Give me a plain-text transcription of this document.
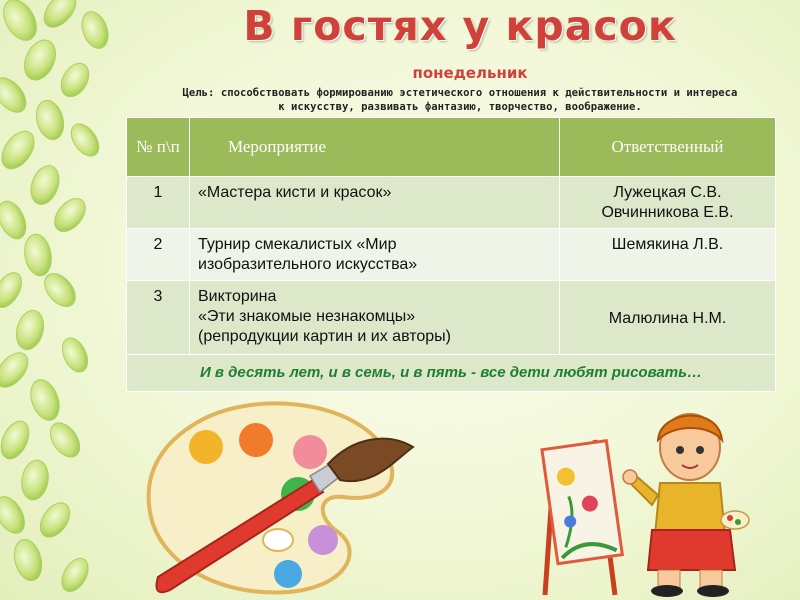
В гостях у красок
понедельник
Цель: способствовать формированию эстетического отношения к действительности и интереса
к искусству, развивать фантазию, творчество, воображение.
№ п\п	Мероприятие	Ответственный
1	«Мастера кисти и красок»	Лужецкая С.В.
Овчинникова Е.В.

2	Турнир смекалистых «Мир
изобразительного искусства»	Шемякина Л.В.

3	Викторина
«Эти знакомые незнакомцы»
(репродукции картин и их авторы)	Малюлина Н.М.

И в десять лет, и в семь, и в пять - все дети любят рисовать…		
